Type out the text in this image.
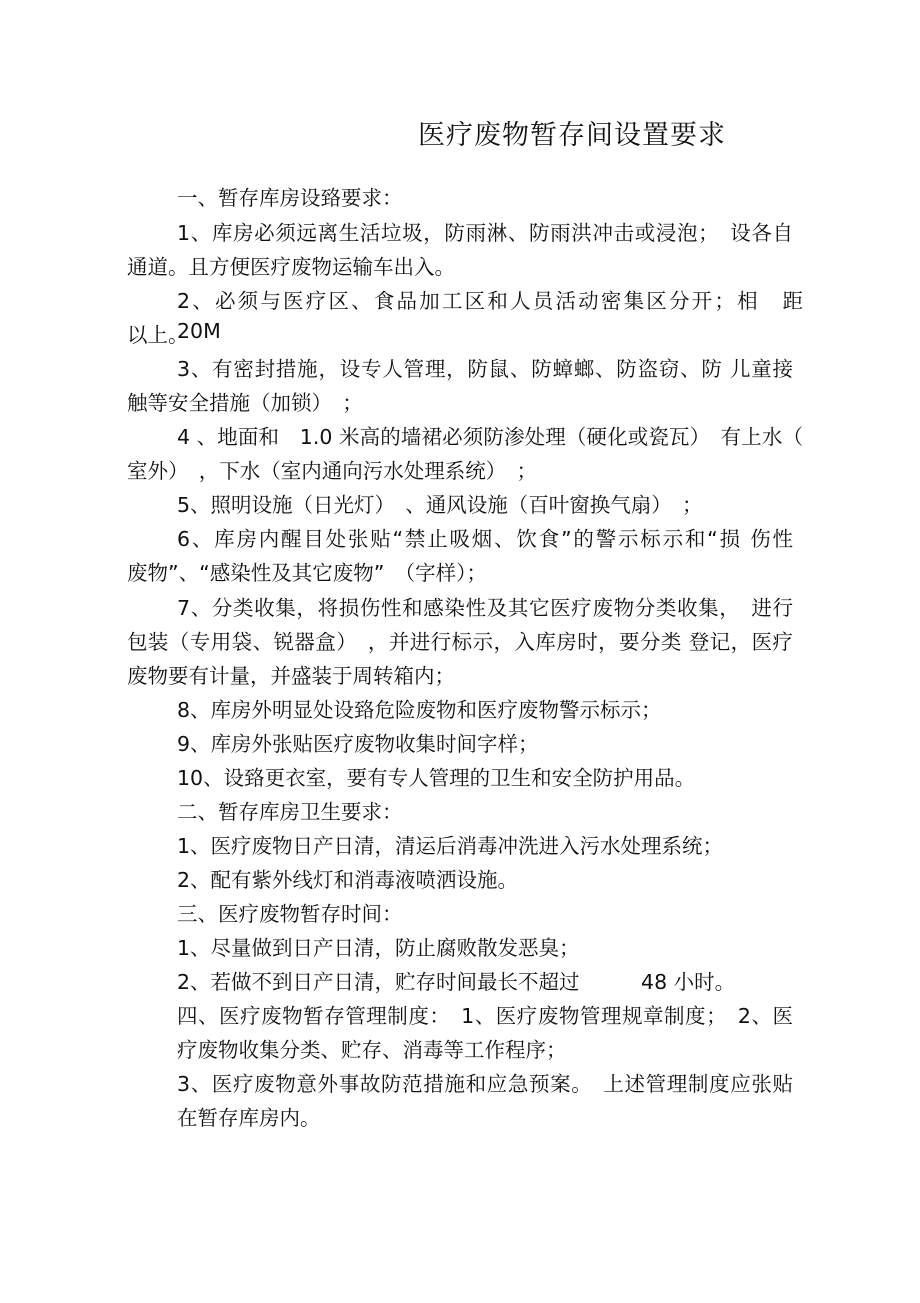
医疗废物暂存间设置要求
一、暂存库房设臵要求：
1、库房必须远离生活垃圾，防雨淋、防雨洪冲击或浸泡；　设各自
通道。且方便医疗废物运输车出入。
2、必须与医疗区、食品加工区和人员活动密集区分开；相　距　20M
以上。
3、有密封措施，设专人管理，防鼠、防蟑螂、防盗窃、防 儿童接
触等安全措施（加锁）　；
4 、地面和　1.0 米高的墙裙必须防渗处理（硬化或瓷瓦）　有上水（
室外）　，下水（室内通向污水处理系统）　；
5、照明设施（日光灯）　、通风设施（百叶窗换气扇）　；
6、库房内醒目处张贴“禁止吸烟、饮食”的警示标示和“损 伤性
废物”、“感染性及其它废物”　（字样）；
7、分类收集，将损伤性和感染性及其它医疗废物分类收集，　进行
包装（专用袋、锐器盒）　，并进行标示，入库房时，要分类 登记，医疗
废物要有计量，并盛装于周转箱内；
8、库房外明显处设臵危险废物和医疗废物警示标示；
9、库房外张贴医疗废物收集时间字样；
10、设臵更衣室，要有专人管理的卫生和安全防护用品。
二、暂存库房卫生要求：
1、医疗废物日产日清，清运后消毒冲洗进入污水处理系统；
2、配有紫外线灯和消毒液喷洒设施。
三、医疗废物暂存时间：
1、尽量做到日产日清，防止腐败散发恶臭；
2、若做不到日产日清，贮存时间最长不超过　　　48 小时。
四、医疗废物暂存管理制度：　1、医疗废物管理规章制度；　2、医
疗废物收集分类、贮存、消毒等工作程序；
3、医疗废物意外事故防范措施和应急预案。　上述管理制度应张贴
在暂存库房内。
